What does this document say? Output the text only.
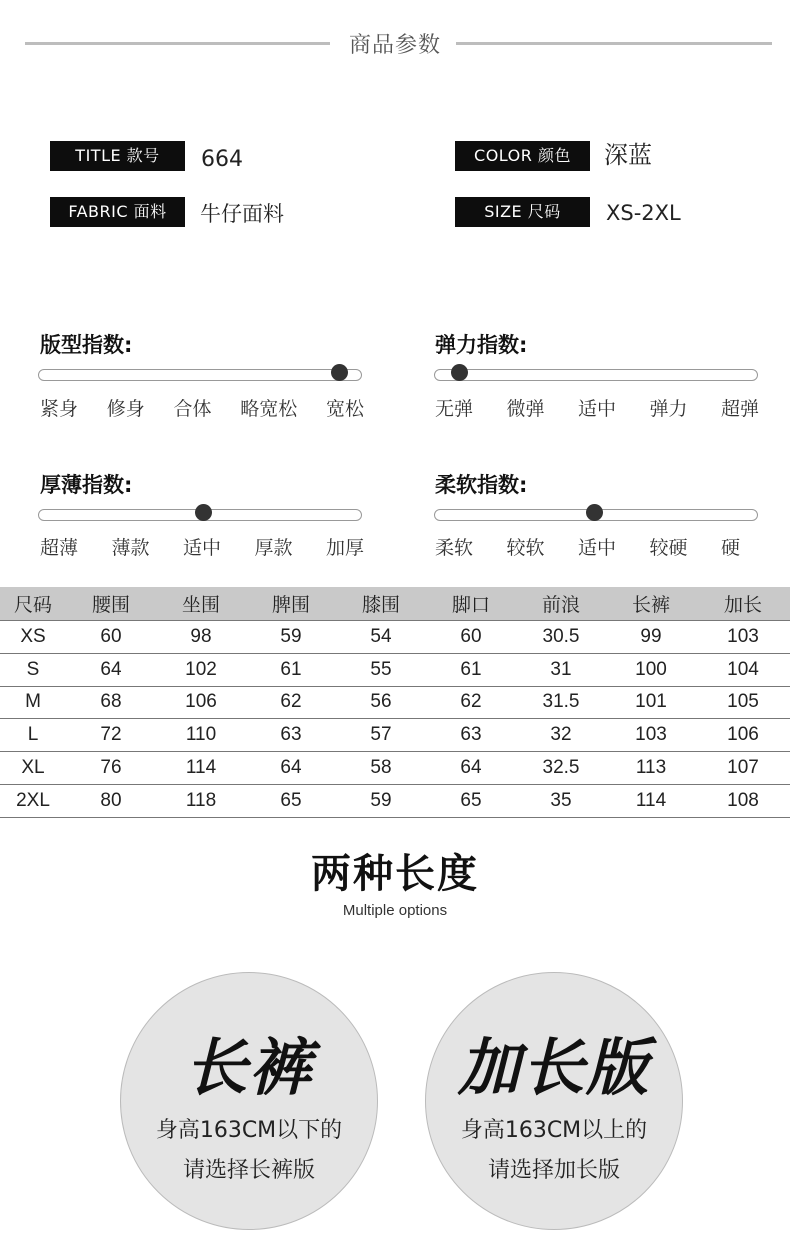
商品参数
TITLE 款号	664	COLOR 颜色	深蓝
FABRIC 面料	牛仔面料	SIZE 尺码	XS-2XL
版型指数:
紧身 修身 合体 略宽松 宽松
弹力指数:
无弹 微弹 适中 弹力 超弹
厚薄指数:
超薄 薄款 适中 厚款 加厚
柔软指数:
柔软 较软 适中 较硬 硬
尺码	腰围	坐围	脾围	膝围	脚口	前浪	长裤	加长
XS	60	98	59	54	60	30.5	99	103
S	64	102	61	55	61	31	100	104
M	68	106	62	56	62	31.5	101	105
L	72	110	63	57	63	32	103	106
XL	76	114	64	58	64	32.5	113	107
2XL	80	118	65	59	65	35	114	108
两种长度
Multiple options
长裤
身高163CM以下的
请选择长裤版
加长版
身高163CM以上的
请选择加长版
